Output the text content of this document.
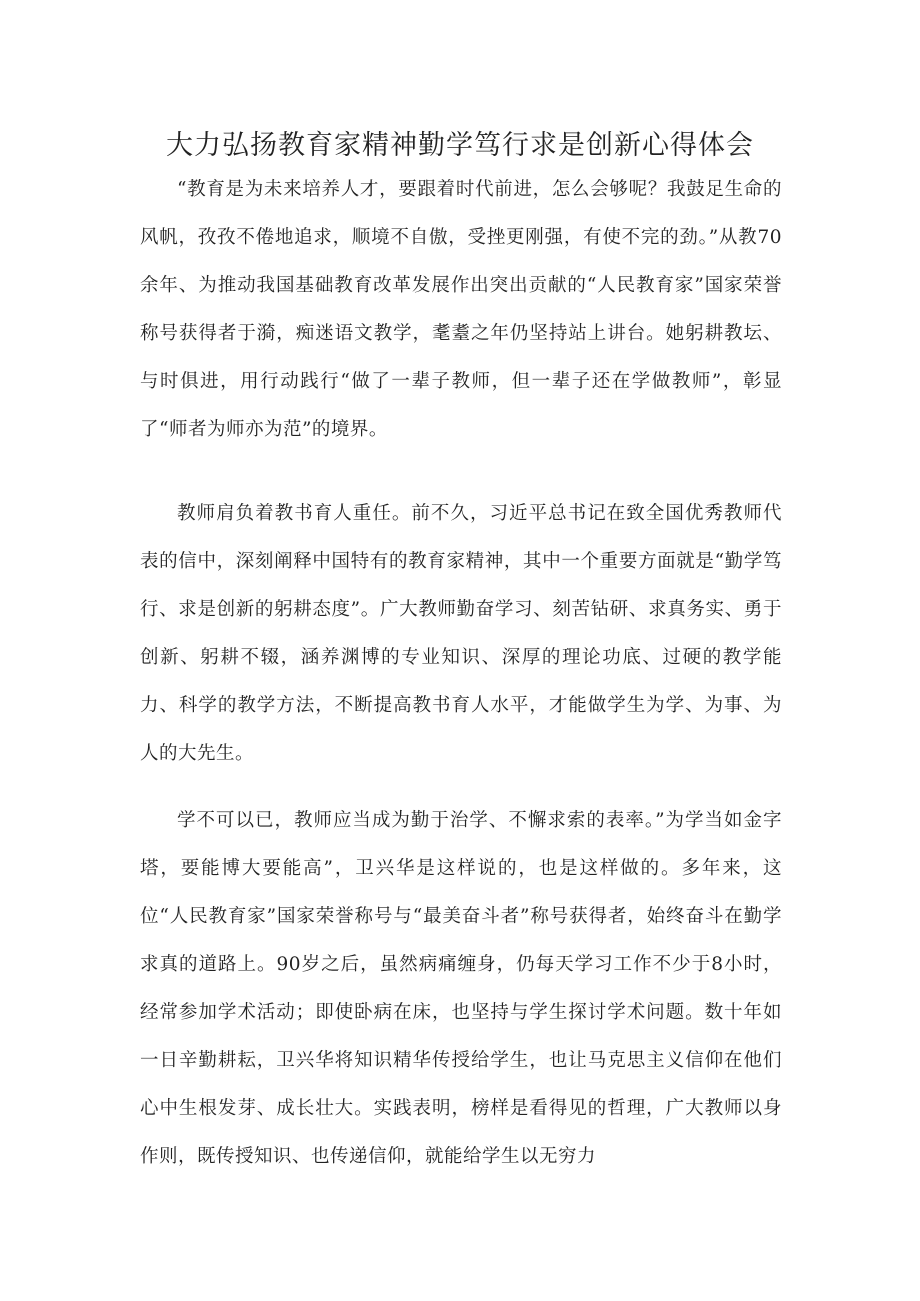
大力弘扬教育家精神勤学笃行求是创新心得体会

“教育是为未来培养人才，要跟着时代前进，怎么会够呢？我鼓足生命的风帆，孜孜不倦地追求，顺境不自傲，受挫更刚强，有使不完的劲。”从教70余年、为推动我国基础教育改革发展作出突出贡献的“人民教育家”国家荣誉称号获得者于漪，痴迷语文教学，耄耋之年仍坚持站上讲台。她躬耕教坛、与时俱进，用行动践行“做了一辈子教师，但一辈子还在学做教师”，彰显了“师者为师亦为范”的境界。

教师肩负着教书育人重任。前不久，习近平总书记在致全国优秀教师代表的信中，深刻阐释中国特有的教育家精神，其中一个重要方面就是“勤学笃行、求是创新的躬耕态度”。广大教师勤奋学习、刻苦钻研、求真务实、勇于创新、躬耕不辍，涵养渊博的专业知识、深厚的理论功底、过硬的教学能力、科学的教学方法，不断提高教书育人水平，才能做学生为学、为事、为人的大先生。

学不可以已，教师应当成为勤于治学、不懈求索的表率。”为学当如金字塔，要能博大要能高”，卫兴华是这样说的，也是这样做的。多年来，这位“人民教育家”国家荣誉称号与“最美奋斗者”称号获得者，始终奋斗在勤学求真的道路上。90岁之后，虽然病痛缠身，仍每天学习工作不少于8小时，经常参加学术活动；即使卧病在床，也坚持与学生探讨学术问题。数十年如一日辛勤耕耘，卫兴华将知识精华传授给学生，也让马克思主义信仰在他们心中生根发芽、成长壮大。实践表明，榜样是看得见的哲理，广大教师以身作则，既传授知识、也传递信仰，就能给学生以无穷力
